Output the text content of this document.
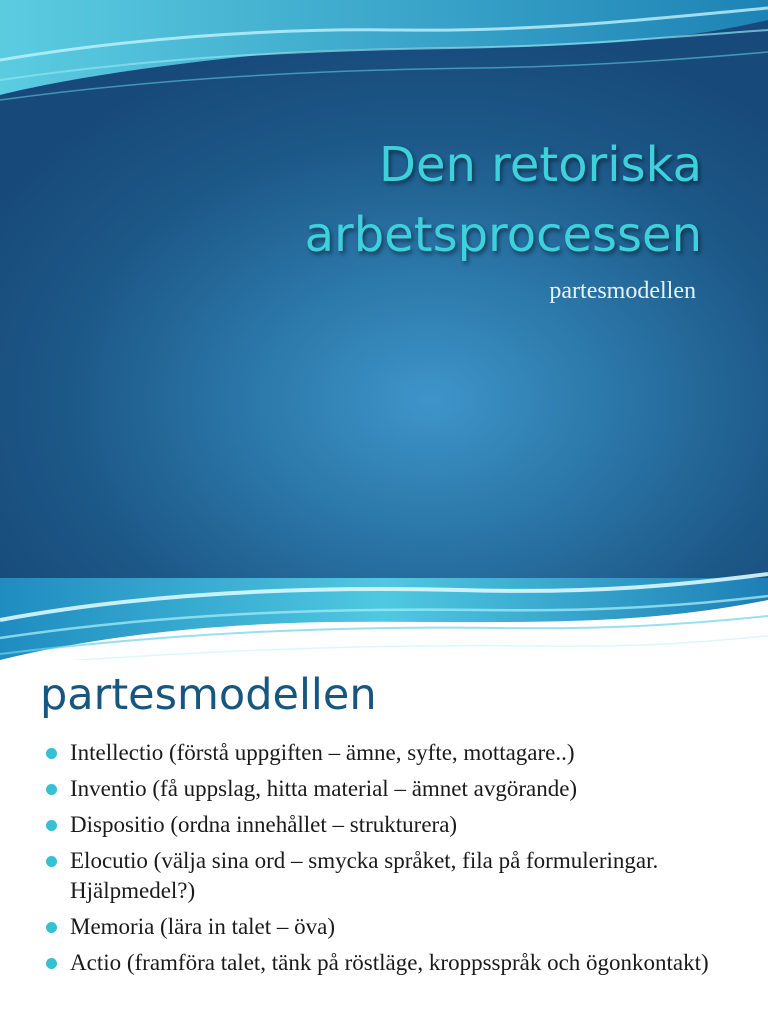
Den retoriska
arbetsprocessen
partesmodellen
partesmodellen
Intellectio (förstå uppgiften – ämne, syfte, mottagare..)
Inventio (få uppslag, hitta material – ämnet avgörande)
Dispositio (ordna innehållet – strukturera)
Elocutio (välja sina ord – smycka språket, fila på formuleringar. Hjälpmedel?)
Memoria (lära in talet – öva)
Actio (framföra talet, tänk på röstläge, kroppsspråk och ögonkontakt)
